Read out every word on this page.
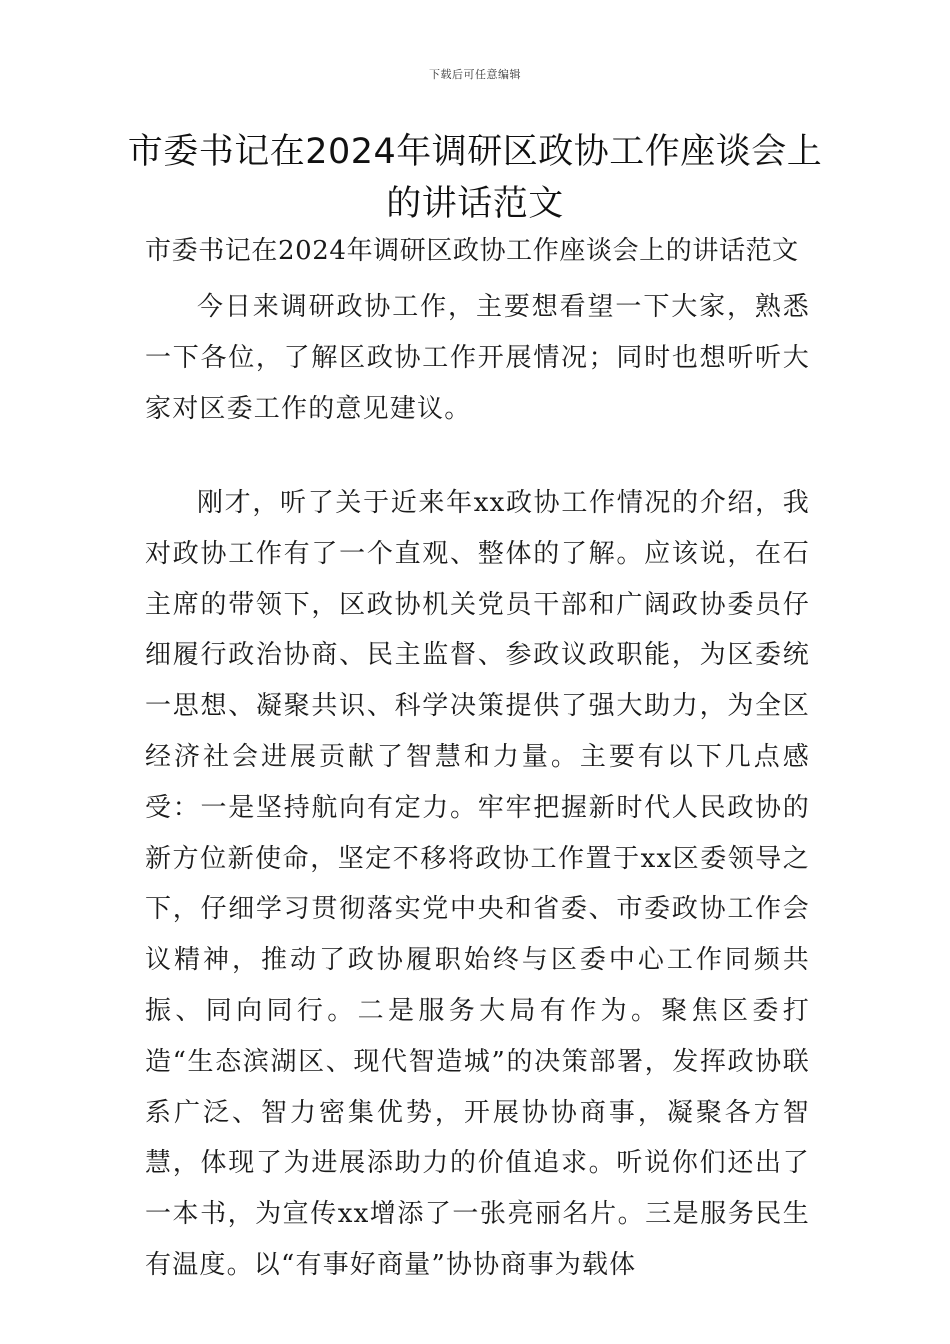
下载后可任意编辑
市委书记在2024年调研区政协工作座谈会上的讲话范文

市委书记在2024年调研区政协工作座谈会上的讲话范文

今日来调研政协工作，主要想看望一下大家，熟悉一下各位，了解区政协工作开展情况；同时也想听听大家对区委工作的意见建议。

刚才，听了关于近来年xx政协工作情况的介绍，我对政协工作有了一个直观、整体的了解。应该说，在石主席的带领下，区政协机关党员干部和广阔政协委员仔细履行政治协商、民主监督、参政议政职能，为区委统一思想、凝聚共识、科学决策提供了强大助力，为全区经济社会进展贡献了智慧和力量。主要有以下几点感受：一是坚持航向有定力。牢牢把握新时代人民政协的新方位新使命，坚定不移将政协工作置于xx区委领导之下，仔细学习贯彻落实党中央和省委、市委政协工作会议精神，推动了政协履职始终与区委中心工作同频共振、同向同行。二是服务大局有作为。聚焦区委打造“生态滨湖区、现代智造城”的决策部署，发挥政协联系广泛、智力密集优势，开展协协商事，凝聚各方智慧，体现了为进展添助力的价值追求。听说你们还出了一本书，为宣传xx增添了一张亮丽名片。三是服务民生有温度。以“有事好商量”协协商事为载体
